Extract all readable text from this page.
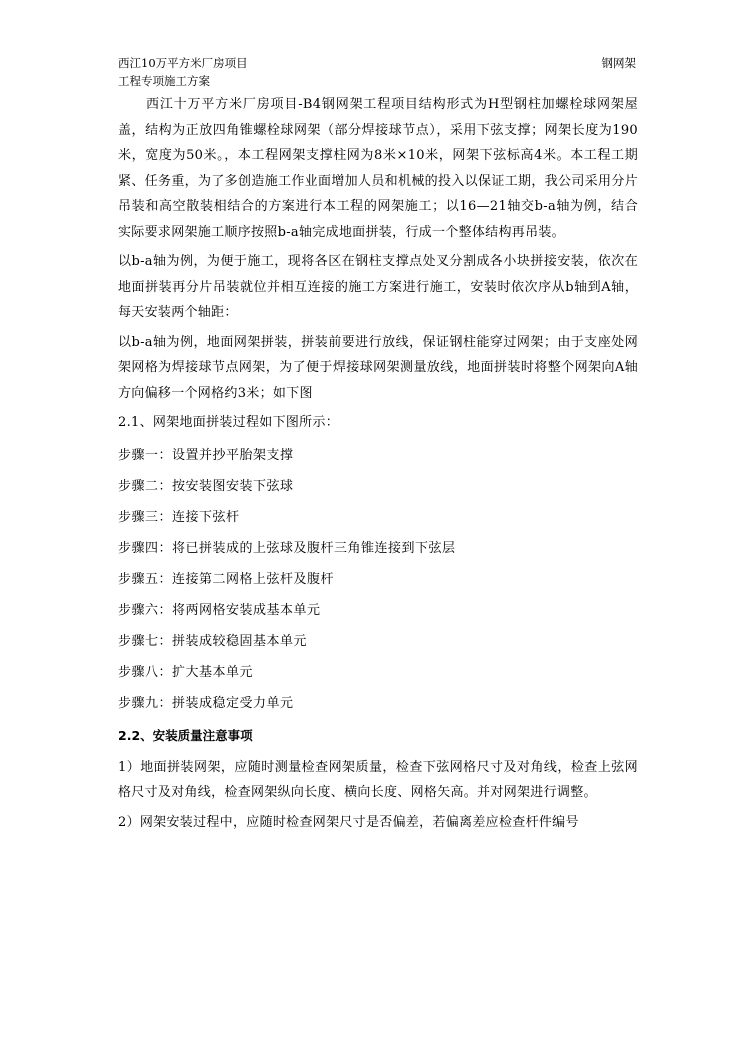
西江10万平方米厂房项目	钢网架
工程专项施工方案

西江十万平方米厂房项目-B4钢网架工程项目结构形式为H型钢柱加螺栓球网架屋盖，结构为正放四角锥螺栓球网架（部分焊接球节点），采用下弦支撑；网架长度为190米，宽度为50米。，本工程网架支撑柱网为8米×10米，网架下弦标高4米。本工程工期紧、任务重，为了多创造施工作业面增加人员和机械的投入以保证工期，我公司采用分片吊装和高空散装相结合的方案进行本工程的网架施工；以16—21轴交b-a轴为例，结合实际要求网架施工顺序按照b-a轴完成地面拼装，行成一个整体结构再吊装。

以b-a轴为例，为便于施工，现将各区在钢柱支撑点处叉分割成各小块拼接安装，依次在地面拼装再分片吊装就位并相互连接的施工方案进行施工，安装时依次序从b轴到A轴，每天安装两个轴距：

以b-a轴为例，地面网架拼装，拼装前要进行放线，保证钢柱能穿过网架；由于支座处网架网格为焊接球节点网架，为了便于焊接球网架测量放线，地面拼装时将整个网架向A轴方向偏移一个网格约3米；如下图

2.1、网架地面拼装过程如下图所示：

步骤一：设置并抄平胎架支撑

步骤二：按安装图安装下弦球

步骤三：连接下弦杆

步骤四：将已拼装成的上弦球及腹杆三角锥连接到下弦层

步骤五：连接第二网格上弦杆及腹杆

步骤六：将两网格安装成基本单元

步骤七：拼装成较稳固基本单元

步骤八：扩大基本单元

步骤九：拼装成稳定受力单元

2.2、安装质量注意事项

1）地面拼装网架，应随时测量检查网架质量，检查下弦网格尺寸及对角线，检查上弦网格尺寸及对角线，检查网架纵向长度、横向长度、网格矢高。并对网架进行调整。

2）网架安装过程中，应随时检查网架尺寸是否偏差，若偏离差应检查杆件编号
